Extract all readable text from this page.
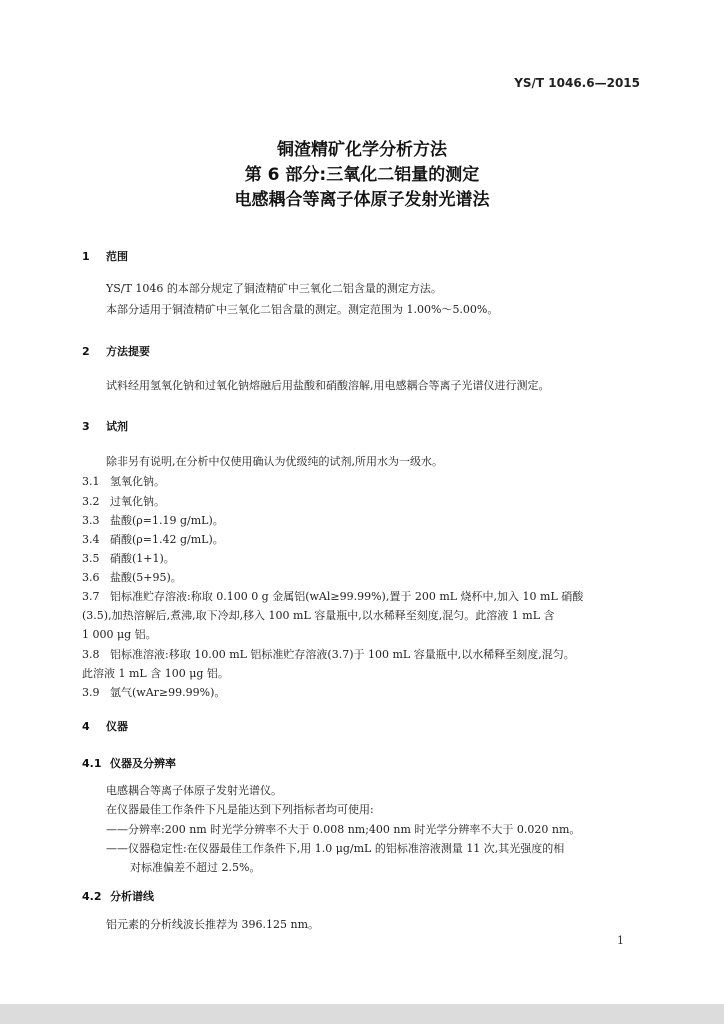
YS/T 1046.6—2015
铜渣精矿化学分析方法
第 6 部分:三氧化二铝量的测定
电感耦合等离子体原子发射光谱法
1 范围
YS/T 1046 的本部分规定了铜渣精矿中三氧化二铝含量的测定方法。
本部分适用于铜渣精矿中三氧化二铝含量的测定。测定范围为 1.00%～5.00%。
2 方法提要
试料经用氢氧化钠和过氧化钠熔融后用盐酸和硝酸溶解,用电感耦合等离子光谱仪进行测定。
3 试剂
除非另有说明,在分析中仅使用确认为优级纯的试剂,所用水为一级水。
3.1 氢氧化钠。
3.2 过氧化钠。
3.3 盐酸(ρ=1.19 g/mL)。
3.4 硝酸(ρ=1.42 g/mL)。
3.5 硝酸(1+1)。
3.6 盐酸(5+95)。
3.7 铝标准贮存溶液:称取 0.100 0 g 金属铝(wAl≥99.99%),置于 200 mL 烧杯中,加入 10 mL 硝酸
(3.5),加热溶解后,煮沸,取下冷却,移入 100 mL 容量瓶中,以水稀释至刻度,混匀。此溶液 1 mL 含
1 000 μg 铝。
3.8 铝标准溶液:移取 10.00 mL 铝标准贮存溶液(3.7)于 100 mL 容量瓶中,以水稀释至刻度,混匀。
此溶液 1 mL 含 100 μg 铝。
3.9 氩气(wAr≥99.99%)。
4 仪器
4.1 仪器及分辨率
电感耦合等离子体原子发射光谱仪。
在仪器最佳工作条件下凡是能达到下列指标者均可使用:
——分辨率:200 nm 时光学分辨率不大于 0.008 nm;400 nm 时光学分辨率不大于 0.020 nm。
——仪器稳定性:在仪器最佳工作条件下,用 1.0 μg/mL 的铝标准溶液测量 11 次,其光强度的相
对标准偏差不超过 2.5%。
4.2 分析谱线
铝元素的分析线波长推荐为 396.125 nm。
1
